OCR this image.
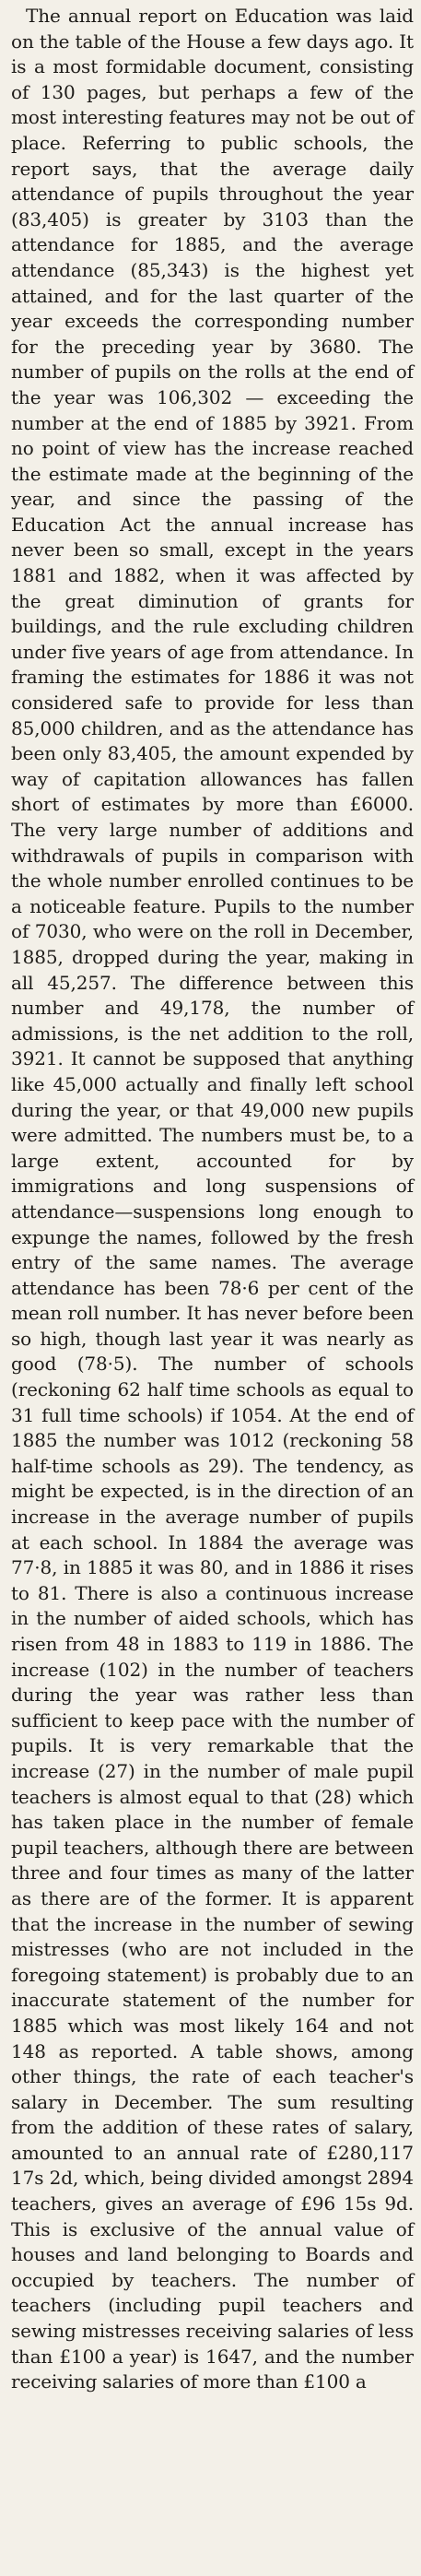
The annual report on Education was laid on the table of the House a few days ago. It is a most formidable document, consisting of 130 pages, but perhaps a few of the most interesting features may not be out of place. Referring to public schools, the report says, that the average daily attendance of pupils throughout the year (83,405) is greater by 3103 than the attendance for 1885, and the average attendance (85,343) is the highest yet attained, and for the last quarter of the year exceeds the corresponding number for the preceding year by 3680. The number of pupils on the rolls at the end of the year was 106,302 — exceeding the number at the end of 1885 by 3921. From no point of view has the increase reached the estimate made at the beginning of the year, and since the passing of the Education Act the annual increase has never been so small, except in the years 1881 and 1882, when it was affected by the great diminution of grants for buildings, and the rule excluding children under five years of age from attendance. In framing the estimates for 1886 it was not considered safe to provide for less than 85,000 children, and as the attendance has been only 83,405, the amount expended by way of capitation allowances has fallen short of estimates by more than £6000. The very large number of additions and withdrawals of pupils in comparison with the whole number enrolled continues to be a noticeable feature. Pupils to the number of 7030, who were on the roll in December, 1885, dropped during the year, making in all 45,257. The difference between this number and 49,178, the number of admissions, is the net addition to the roll, 3921. It cannot be supposed that anything like 45,000 actually and finally left school during the year, or that 49,000 new pupils were admitted. The numbers must be, to a large extent, accounted for by immigrations and long suspensions of attendance—suspensions long enough to expunge the names, followed by the fresh entry of the same names. The average attendance has been 78·6 per cent of the mean roll number. It has never before been so high, though last year it was nearly as good (78·5). The number of schools (reckoning 62 half time schools as equal to 31 full time schools) if 1054. At the end of 1885 the number was 1012 (reckoning 58 half-time schools as 29). The tendency, as might be expected, is in the direction of an increase in the average number of pupils at each school. In 1884 the average was 77·8, in 1885 it was 80, and in 1886 it rises to 81. There is also a continuous increase in the number of aided schools, which has risen from 48 in 1883 to 119 in 1886. The increase (102) in the number of teachers during the year was rather less than sufficient to keep pace with the number of pupils. It is very remarkable that the increase (27) in the number of male pupil teachers is almost equal to that (28) which has taken place in the number of female pupil teachers, although there are between three and four times as many of the latter as there are of the former. It is apparent that the increase in the number of sewing mistresses (who are not included in the foregoing statement) is probably due to an inaccurate statement of the number for 1885 which was most likely 164 and not 148 as reported. A table shows, among other things, the rate of each teacher's salary in December. The sum resulting from the addition of these rates of salary, amounted to an annual rate of £280,117 17s 2d, which, being divided amongst 2894 teachers, gives an average of £96 15s 9d. This is exclusive of the annual value of houses and land belonging to Boards and occupied by teachers. The number of teachers (including pupil teachers and sewing mistresses receiving salaries of less than £100 a year) is 1647, and the number receiving salaries of more than £100 a
